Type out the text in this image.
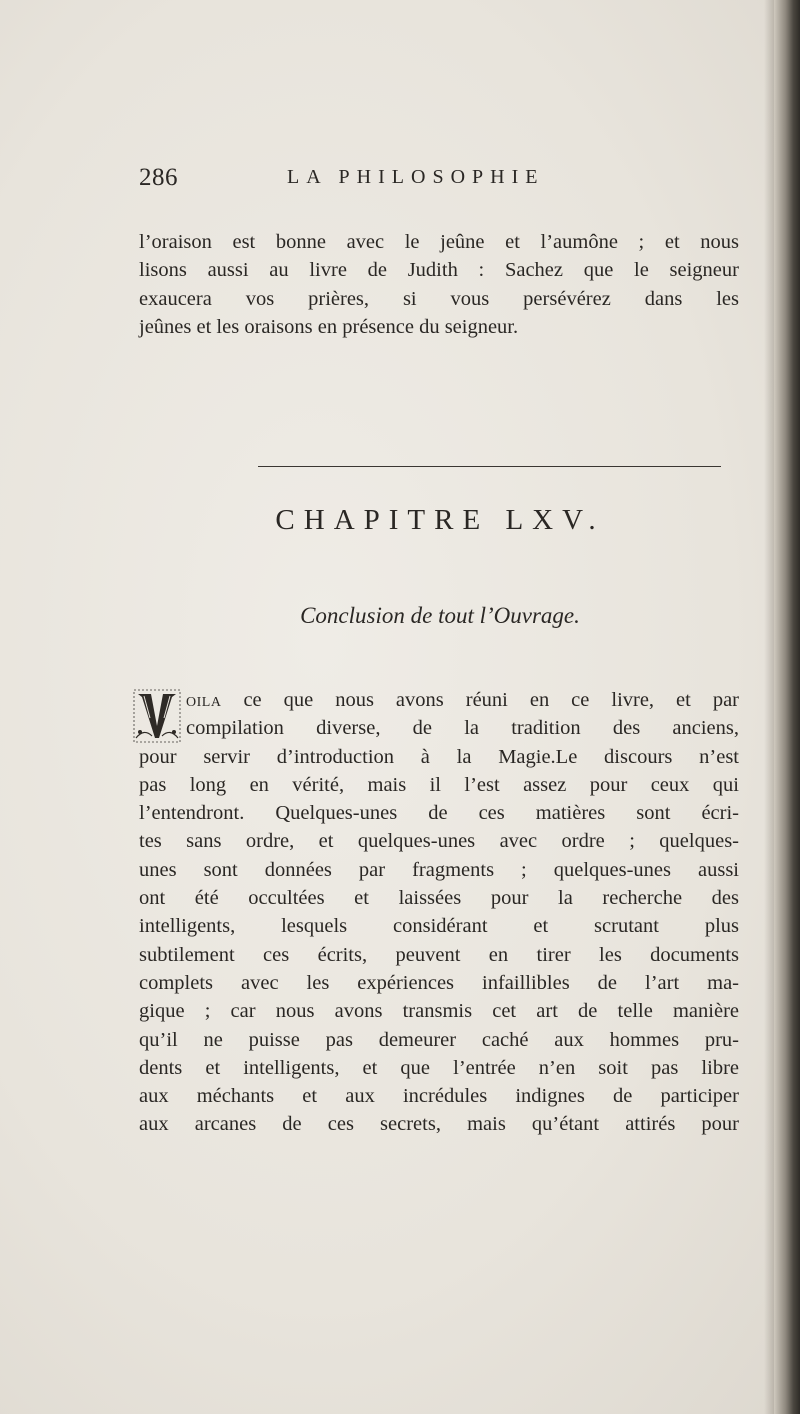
286	LA PHILOSOPHIE

l’oraison est bonne avec le jeûne et l’aumône ; et nous
lisons aussi au livre de Judith : Sachez que le seigneur
exaucera vos prières, si vous persévérez dans les
jeûnes et les oraisons en présence du seigneur.

CHAPITRE LXV.

Conclusion de tout l’Ouvrage.

oila ce que nous avons réuni en ce livre, et par
compilation diverse, de la tradition des anciens,
pour servir d’introduction à la Magie.Le discours n’est
pas long en vérité, mais il l’est assez pour ceux qui
l’entendront. Quelques-unes de ces matières sont écri-
tes sans ordre, et quelques-unes avec ordre ; quelques-
unes sont données par fragments ; quelques-unes aussi
ont été occultées et laissées pour la recherche des
intelligents, lesquels considérant et scrutant plus
subtilement ces écrits, peuvent en tirer les documents
complets avec les expériences infaillibles de l’art ma-
gique ; car nous avons transmis cet art de telle manière
qu’il ne puisse pas demeurer caché aux hommes pru-
dents et intelligents, et que l’entrée n’en soit pas libre
aux méchants et aux incrédules indignes de participer
aux arcanes de ces secrets, mais qu’étant attirés pour
